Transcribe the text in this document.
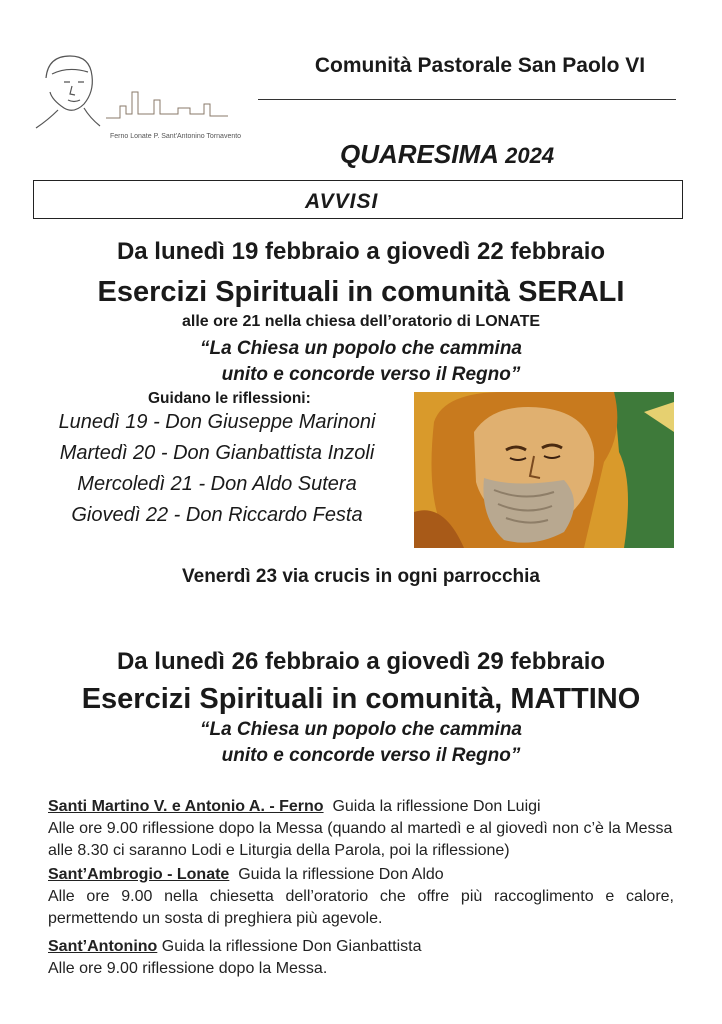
Ferno Lonate P. Sant'Antonino Tornavento
Comunità Pastorale San Paolo VI
QUARESIMA 2024
AVVISI
Da lunedì 19 febbraio a giovedì 22 febbraio
Esercizi Spirituali in comunità SERALI
alle ore 21 nella chiesa dell’oratorio di LONATE
“La Chiesa un popolo che cammina
unito e concorde verso il Regno”
Guidano le riflessioni:
Lunedì 19 - Don Giuseppe Marinoni
Martedì 20 - Don Gianbattista Inzoli
Mercoledì 21 - Don Aldo Sutera
Giovedì 22 - Don Riccardo Festa
Venerdì 23 via crucis in ogni parrocchia
Da lunedì 26 febbraio a giovedì 29 febbraio
Esercizi Spirituali in comunità, MATTINO
“La Chiesa un popolo che cammina
unito e concorde verso il Regno”
Santi Martino V. e Antonio A. - Ferno Guida la riflessione Don Luigi
Alle ore 9.00 riflessione dopo la Messa (quando al martedì e al giovedì non c’è la Messa alle 8.30 ci saranno Lodi e Liturgia della Parola, poi la riflessione)
Sant’Ambrogio - Lonate Guida la riflessione Don Aldo
Alle ore 9.00 nella chiesetta dell’oratorio che offre più raccoglimento e calore, permettendo un sosta di preghiera più agevole.
Sant’Antonino Guida la riflessione Don Gianbattista
Alle ore 9.00 riflessione dopo la Messa.
